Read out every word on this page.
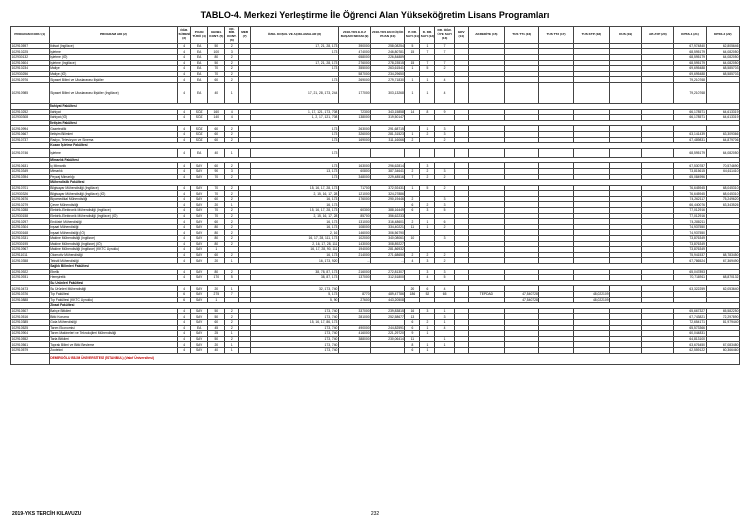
TABLO-4. Merkezi Yerleştirme İle Öğrenci Alan Yükseköğretim Lisans Programları
PROGRAM KODU (1)	PROGRAM ADI (2)	ÖĞR. SÜRESİ (3)	PUAN TÜRÜ (4)	GENEL KONT. (5)	OK. BİR. KONT. (6)	MEB (7)	ÖZEL KOŞUL VE AÇIKLAMALAR (8)	2018-YKS E.K.Z BAŞARI SIRASI (9)	2018-YKS EN KÜÇÜK PUAN (10)	P. DR. SAYI (11)	D. DR. SAYI (12)	DR. ÖĞR. ÜYE SAYI (13)	GRV (14)	AKREDİTE (15)	TUS TT1 (16)	TUS TT2 (17)	TUS KTP (18)	DUS (19)	AB AYP (20)	KPSS-1 (21)	KPSS-2 (22)
102910597	İktisat (İngilizce)	4	EA	50	2		17, 21, 28, 173	390000	258,08254	5	1	7								67,974840	62,805646
102910225	İşletme	4	EA	100	3		173	474000	246,80781	15	7	7								68,595179	64,082050
102930132	İşletme (İÖ)	4	EA	80	2			658000	226,84889											68,595179	64,082050
102910604	İşletme (İngilizce)	4	EA	50	2		17, 21, 28, 173	276000	278,23515	15	7	7								68,595179	64,082050
102910234	Maliye	4	EA	70	2		173	355000	263,61541	1	5	2								69,695488	68,585703
102930256	Maliye (İÖ)	4	EA	70	2			587000	234,29650											69,695488	68,585703
102910976	Siyaset Bilimi ve Uluslararası İlişkiler	4	EA	60	2		173	269000	279,71830	1	1	4								79,210768	
102910985	Siyaset Bilimi ve Uluslararası İlişkiler (İngilizce)	4	EA	40	1		17, 21, 28, 173, 244	177000	303,13268	1	1	4								79,210768	
	İlahiyat Fakültesi																				
102910252	İlahiyat	4	SÖZ	160	4		1, 17, 121, 173, 708	72300	343,15858	14	8	9								66,178571	64,613319
102930308	İlahiyat (İÖ)	4	SÖZ	140	4		1, 2, 17, 121, 708	138000	319,50147											66,178571	64,613319
	İletişim Fakültesi																				
102910994	Gazetecilik	4	SÖZ	60	2		173	263000	291,68715		1	3									
102910667	İletişim Bilimleri	4	SÖZ	60	2		173	326000	281,31523	1	2	3								63,141439	63,309366
102910737	Radyo, Televizyon ve Sinema	4	SÖZ	60	2		173	169000	311,16066	2		2								67,489831	64,879706
	Kozan İşletme Fakültesi																				
102910746	İşletme	4	EA	40	1		173													68,595179	64,082050
	Mimarlık Fakültesi																				
102910631	İç Mimarlık	4	SAY	60	2		173	163000	296,62814		3									67,530787	70,574690
102910349	Mimarlık	4	SAY	90	3		13, 173	60800	387,34641	2	2	3								73,815615	64,611410
102910394	Peyzaj Mimarlığı	4	SAY	70	2		173	348000	229,48516	7	2	2								65,084996	
	Mühendislik Fakültesi																				
102910701	Bilgisayar Mühendisliği (İngilizce)	4	SAY	70	2		15, 16, 17, 28, 173	71700	372,92431	1	5	2								76,645945	68,045310
102930326	Bilgisayar Mühendisliği (İngilizce) (İÖ)	4	SAY	70	2		2, 15, 16, 17, 28	121000	324,27886											76,645945	68,045310
102910676	Biyomedikal Mühendisliği	4	SAY	60	2		16, 173	176000	290,19446	2		3								74,262117	75,249620
102910279	Çevre Mühendisliği	4	SAY	20	1		16, 173			6	2	3								66,440076	63,343526
102910288	Elektrik-Elektronik Mühendisliği (İngilizce)	4	SAY	70	2		15, 16, 17, 28, 173	60300	388,16449	6	3	5								77,012916	
102930158	Elektrik-Elektronik Mühendisliği (İngilizce) (İÖ)	4	SAY	70	2		2, 15, 16, 17, 28	85700	356,62233											77,012916	
102910297	Endüstri Mühendisliği	4	SAY	60	2		16, 173	131000	316,48601	2	1	6								74,288211	
102910304	İnşaat Mühendisliği	4	SAY	80	2		16, 173	108000	334,40221	11	1	2								74,937550	
102930168	İnşaat Mühendisliği (İÖ)	4	SAY	80	2		2, 16	146000	306,56790											74,937550	
102910331	Makine Mühendisliği (İngilizce)	4	SAY	80	2		16, 17, 28, 111, 173	102000	340,08061	10		3								73,876349	
102930195	Makine Mühendisliği (İngilizce) (İÖ)	4	SAY	80	2		2, 16, 17, 28, 111	143000	308,89227											73,876349	
102910967	Makine Mühendisliği (İngilizce) (KKTC Uyruklu)	4	SAY	1			16, 17, 28, 90, 111	194000	281,86932											73,876349	
102911011	Otomotiv Mühendisliği	4	SAY	60	2		16, 173	214000	271,68650	2	2	2								75,941537	68,783450
102910358	Tekstil Mühendisliği	4	SAY	20	1		16, 173, 920	...	...	4	3	2								67,786524	67,369490
	Sağlık Bilimleri Fakültesi																				
102910922	Ebelik	4	SAY	80	2		38, 78, 87, 173	216000	272,81307		3	3								65,047893	
102910931	Hemşirelik	4	SAY	170	5		38, 87, 173	137000	312,51800		4	5								70,718911	68,870132
	Su Ürünleri Fakültesi																				
102910473	Su Ürünleri Mühendisliği	4	SAY	20	1		32, 173, 740			20	6	4								63,322259	62,053640
102910376	Tıp Fakültesi	6	SAY	275	7		5, 173	8770	489,47786	186	52	65		TEPDAD	47,540728		48,022109				
102910888	Tıp Fakültesi (KKTC Uyruklu)	6	SAY	1			5, 90	27600	443,20508						47,540728		48,022109				
	Ziraat Fakültesi																				
102910507	Bahçe Bitkileri	4	SAY	50	2		173, 740	337000	239,83815	16	3	1								65,667327	65,582250
102910516	Bitki Koruma	4	SAY	50	2		173, 740	281000	252,58677	13		3								67,743821	72,297890
102910385	Gıda Mühendisliği	4	SAY	60	2		15, 16, 17, 86, 173			6	2	1								72,654171	81,979440
102910525	Tarım Ekonomisi	4	EA	45	2		173, 740	490000	244,82591	6	1	4								65,573366	
102910904	Tarım Makineleri ve Teknolojileri Mühendisliği	4	SAY	25	1		173, 740	416000	221,29720	9	1									60,044831	
102910552	Tarla Bitkileri	4	SAY	50	2		173, 740	388000	230,06414	11		1								64,813100	
102910561	Toprak Bilimi ve Bitki Besleme	4	SAY	20	1		173, 740			8	1	1								63,676450	67,083480
102910579	Zootekni	4	SAY	40	1		173, 740			6	1									62,559122	60,366460
	DEMİROĞLU BİLİM ÜNİVERSİTESİ (İSTANBUL) (Vakıf Üniversitesi)																				
2019-YKS TERCİH KILAVUZU	232
